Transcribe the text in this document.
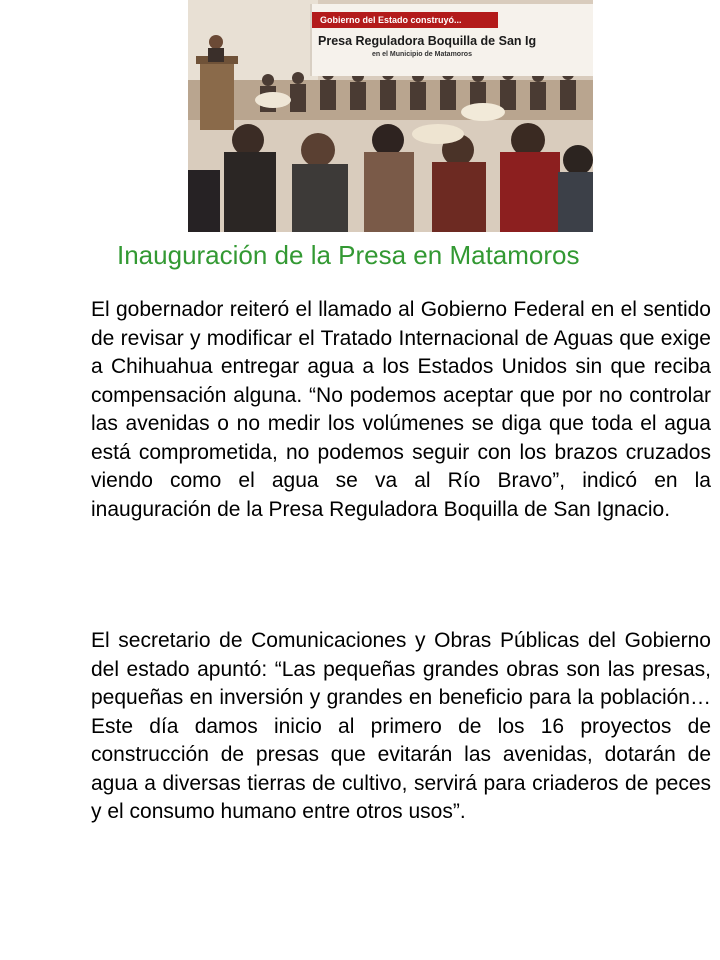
Gobierno del Estado construyó...
Presa Reguladora Boquilla de San Ig
en el Municipio de Matamoros
Inauguración de la Presa en Matamoros

El gobernador reiteró el llamado al Gobierno Federal en el sentido de revisar y modificar el Tratado Internacional de Aguas que exige a Chihuahua entregar agua a los Estados Unidos sin que reciba compensación alguna. “No podemos aceptar que por no controlar las avenidas o no medir los volúmenes se diga que toda el agua está comprometida, no podemos seguir con los brazos cruzados viendo como el agua se va al Río Bravo”, indicó en la inauguración de la Presa Reguladora Boquilla de San Ignacio.

El secretario de Comunicaciones y Obras Públicas del Gobierno del estado apuntó: “Las pequeñas grandes obras son las presas, pequeñas en inversión y grandes en beneficio para la población… Este día damos inicio al primero de los 16 proyectos de construcción de presas que evitarán las avenidas, dotarán de agua a diversas tierras de cultivo, servirá para criaderos de peces y el consumo humano entre otros usos”.
